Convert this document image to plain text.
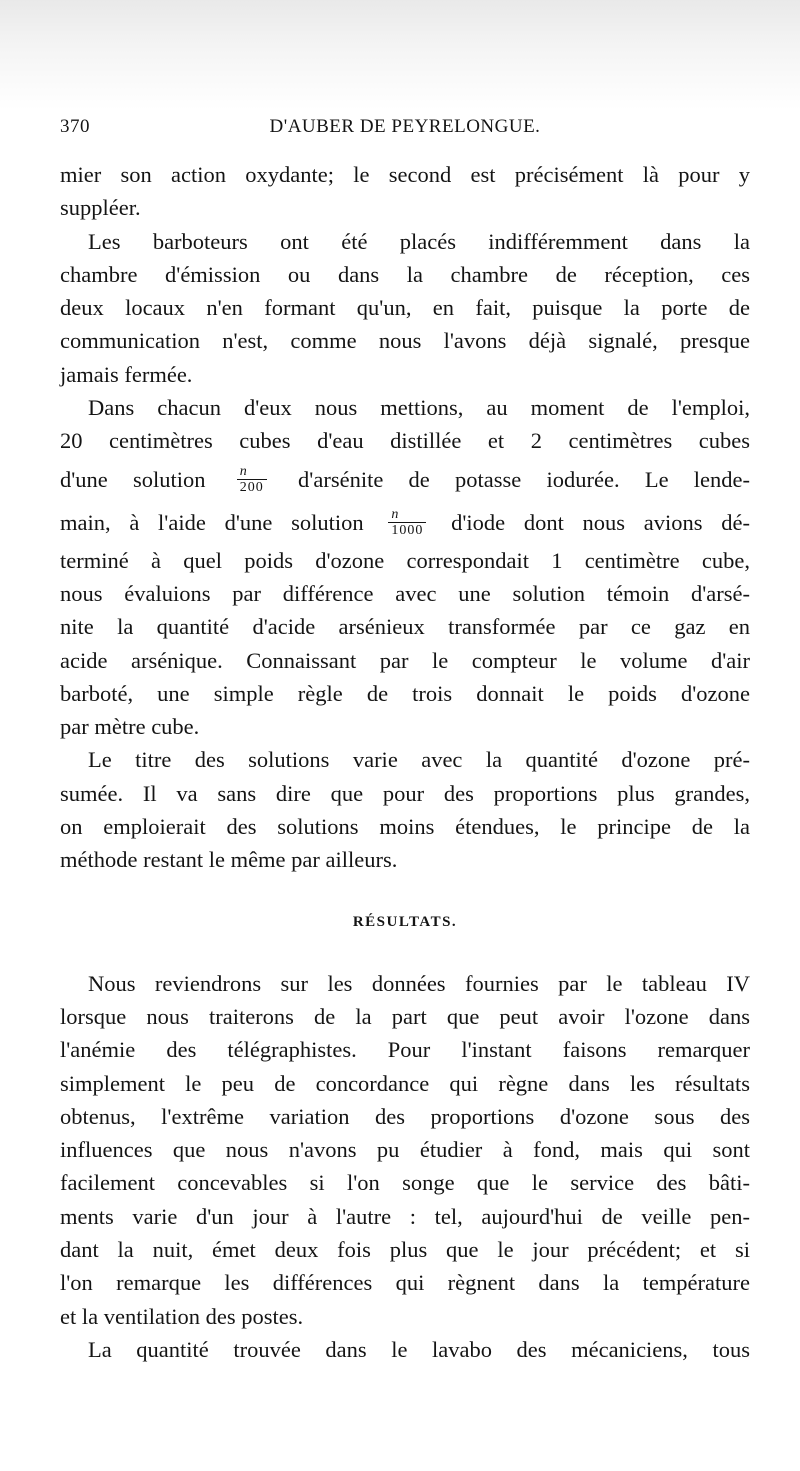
370	D'AUBER DE PEYRELONGUE.
mier son action oxydante; le second est précisément là pour y
suppléer.
Les barboteurs ont été placés indifféremment dans la
chambre d'émission ou dans la chambre de réception, ces
deux locaux n'en formant qu'un, en fait, puisque la porte de
communication n'est, comme nous l'avons déjà signalé, presque
jamais fermée.
Dans chacun d'eux nous mettions, au moment de l'emploi,
20 centimètres cubes d'eau distillée et 2 centimètres cubes
d'une solution $\frac{n}{200}$ d'arsénite de potasse iodurée. Le lende-
main, à l'aide d'une solution $\frac{n}{1000}$ d'iode dont nous avions dé-
terminé à quel poids d'ozone correspondait 1 centimètre cube,
nous évaluions par différence avec une solution témoin d'arsé-
nite la quantité d'acide arsénieux transformée par ce gaz en
acide arsénique. Connaissant par le compteur le volume d'air
barboté, une simple règle de trois donnait le poids d'ozone
par mètre cube.
Le titre des solutions varie avec la quantité d'ozone pré-
sumée. Il va sans dire que pour des proportions plus grandes,
on emploierait des solutions moins étendues, le principe de la
méthode restant le même par ailleurs.
RÉSULTATS.
Nous reviendrons sur les données fournies par le tableau IV
lorsque nous traiterons de la part que peut avoir l'ozone dans
l'anémie des télégraphistes. Pour l'instant faisons remarquer
simplement le peu de concordance qui règne dans les résultats
obtenus, l'extrême variation des proportions d'ozone sous des
influences que nous n'avons pu étudier à fond, mais qui sont
facilement concevables si l'on songe que le service des bâti-
ments varie d'un jour à l'autre : tel, aujourd'hui de veille pen-
dant la nuit, émet deux fois plus que le jour précédent; et si
l'on remarque les différences qui règnent dans la température
et la ventilation des postes.
La quantité trouvée dans le lavabo des mécaniciens, tous
